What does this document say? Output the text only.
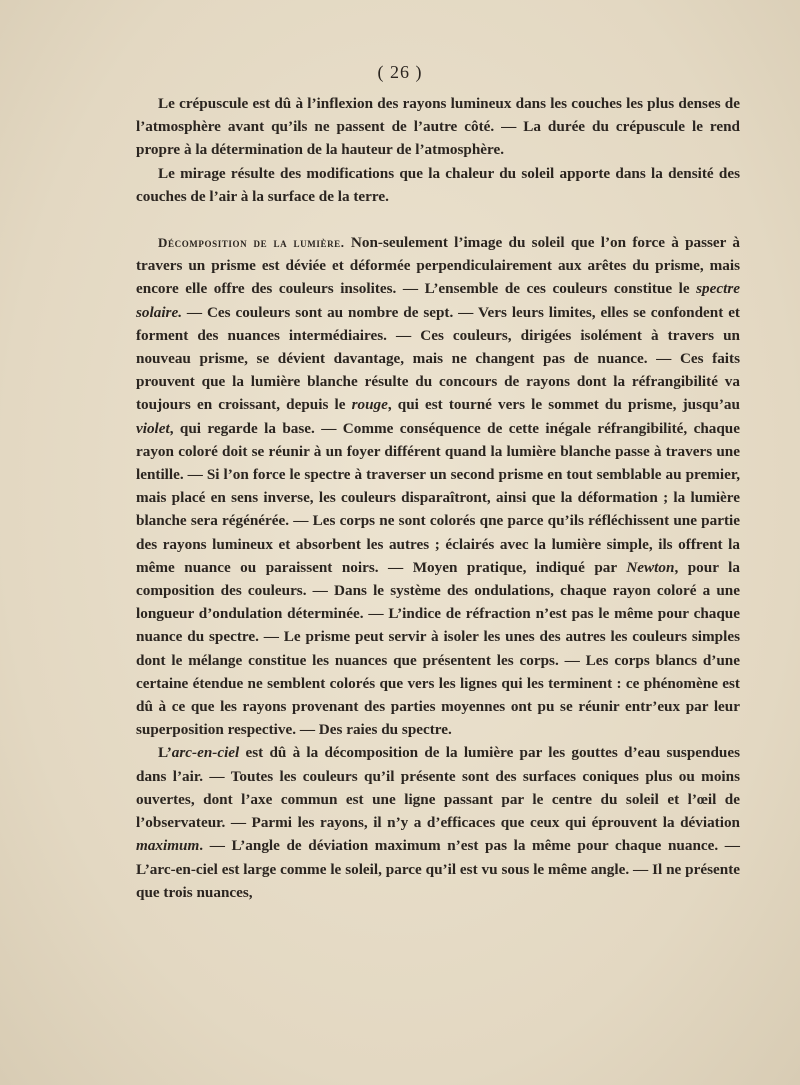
( 26 )

Le crépuscule est dû à l’inflexion des rayons lumineux dans les couches les plus denses de l’atmosphère avant qu’ils ne passent de l’autre côté. — La durée du crépuscule le rend propre à la détermination de la hauteur de l’atmosphère.

Le mirage résulte des modifications que la chaleur du soleil apporte dans la densité des couches de l’air à la surface de la terre.

Décomposition de la lumière. Non-seulement l’image du soleil que l’on force à passer à travers un prisme est déviée et déformée perpendiculairement aux arêtes du prisme, mais encore elle offre des couleurs insolites. — L’ensemble de ces couleurs constitue le spectre solaire. — Ces couleurs sont au nombre de sept. — Vers leurs limites, elles se confondent et forment des nuances intermédiaires. — Ces couleurs, dirigées isolément à travers un nouveau prisme, se dévient davantage, mais ne changent pas de nuance. — Ces faits prouvent que la lumière blanche résulte du concours de rayons dont la réfrangibilité va toujours en croissant, depuis le rouge, qui est tourné vers le sommet du prisme, jusqu’au violet, qui regarde la base. — Comme conséquence de cette inégale réfrangibilité, chaque rayon coloré doit se réunir à un foyer différent quand la lumière blanche passe à travers une lentille. — Si l’on force le spectre à traverser un second prisme en tout semblable au premier, mais placé en sens inverse, les couleurs disparaîtront, ainsi que la déformation ; la lumière blanche sera régénérée. — Les corps ne sont colorés qne parce qu’ils réfléchissent une partie des rayons lumineux et absorbent les autres ; éclairés avec la lumière simple, ils offrent la même nuance ou paraissent noirs. — Moyen pratique, indiqué par Newton, pour la composition des couleurs. — Dans le système des ondulations, chaque rayon coloré a une longueur d’ondulation déterminée. — L’indice de réfraction n’est pas le même pour chaque nuance du spectre. — Le prisme peut servir à isoler les unes des autres les couleurs simples dont le mélange constitue les nuances que présentent les corps. — Les corps blancs d’une certaine étendue ne semblent colorés que vers les lignes qui les terminent : ce phénomène est dû à ce que les rayons provenant des parties moyennes ont pu se réunir entr’eux par leur superposition respective. — Des raies du spectre.

L’arc-en-ciel est dû à la décomposition de la lumière par les gouttes d’eau suspendues dans l’air. — Toutes les couleurs qu’il présente sont des surfaces coniques plus ou moins ouvertes, dont l’axe commun est une ligne passant par le centre du soleil et l’œil de l’observateur. — Parmi les rayons, il n’y a d’efficaces que ceux qui éprouvent la déviation maximum. — L’angle de déviation maximum n’est pas la même pour chaque nuance. — L’arc-en-ciel est large comme le soleil, parce qu’il est vu sous le même angle. — Il ne présente que trois nuances,
